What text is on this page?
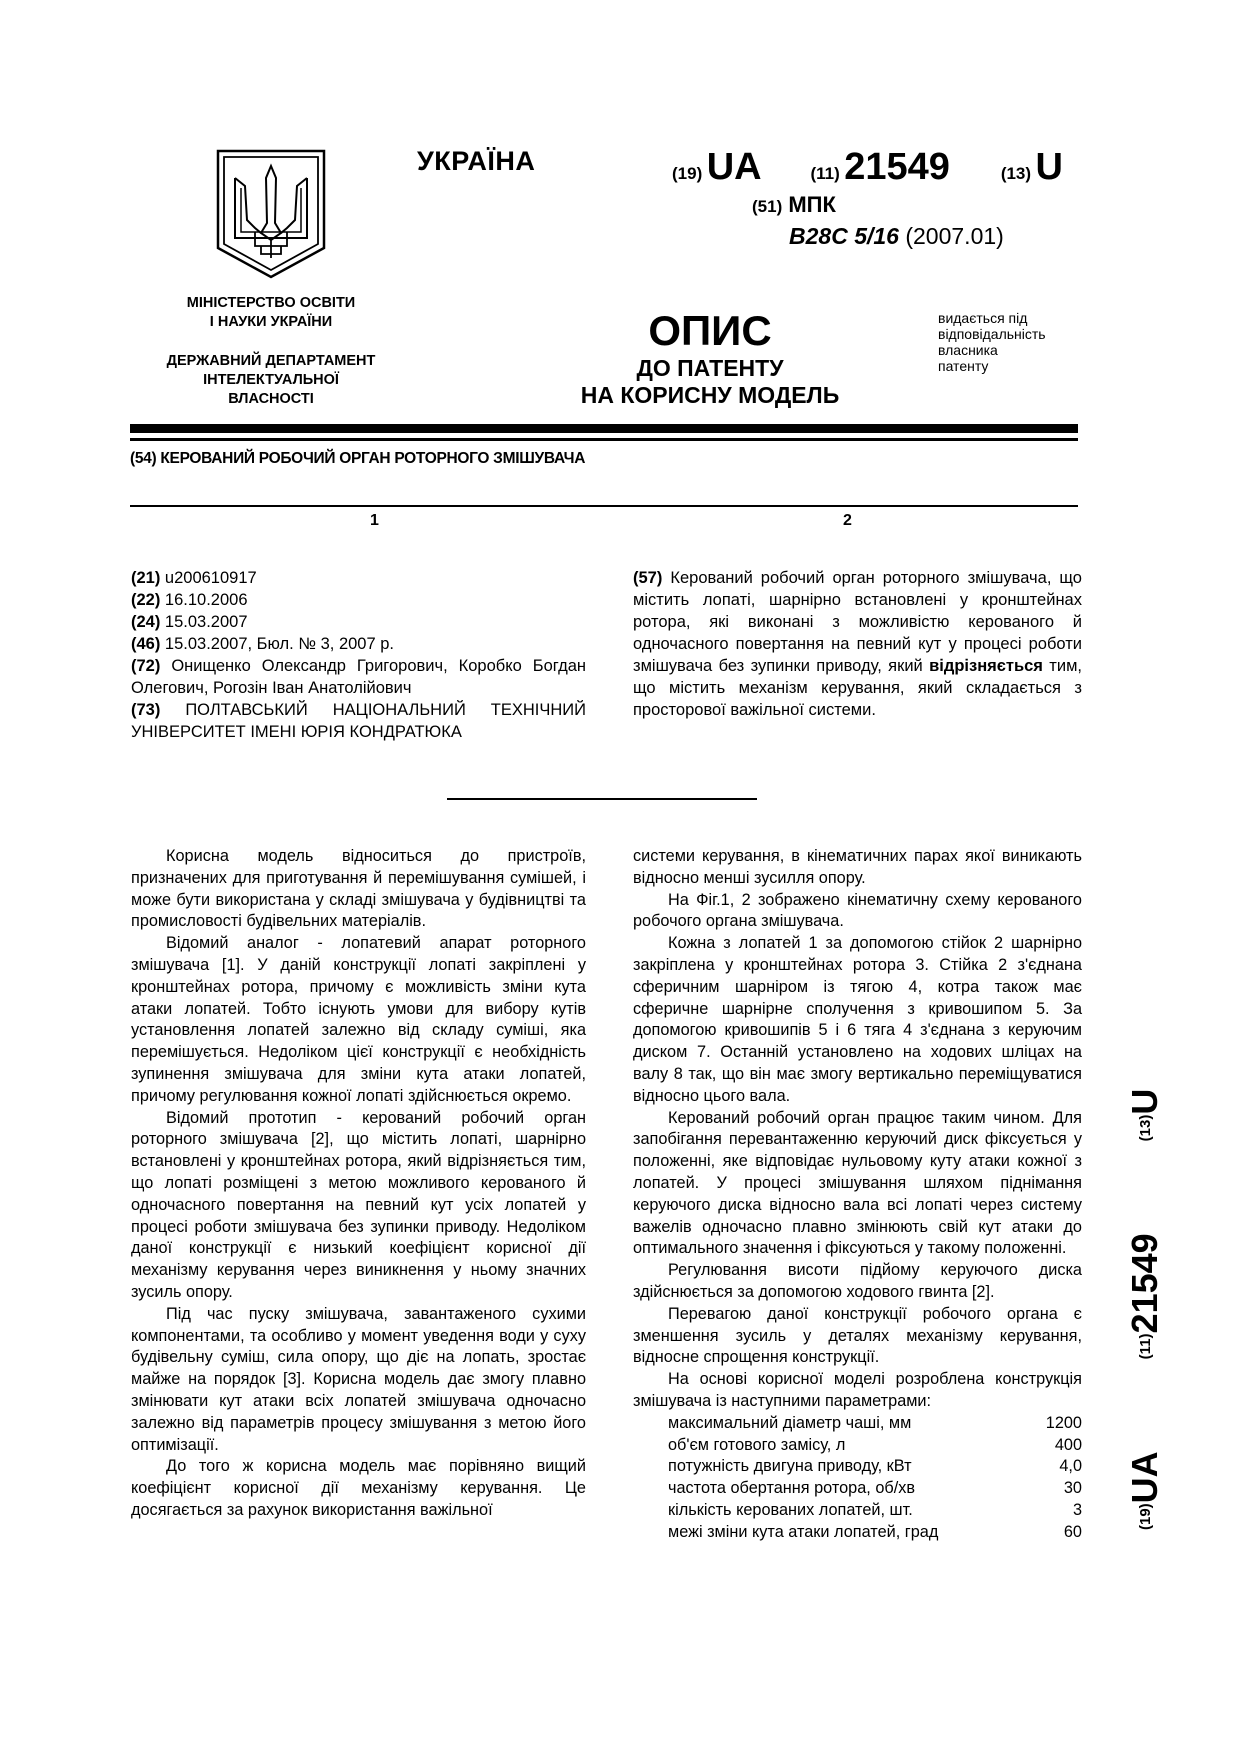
УКРАЇНА	(19) UA	(11) 21549	(13) U
(51) МПК
B28C 5/16 (2007.01)
МІНІСТЕРСТВО ОСВІТИ
І НАУКИ УКРАЇНИ
ДЕРЖАВНИЙ ДЕПАРТАМЕНТ
ІНТЕЛЕКТУАЛЬНОЇ
ВЛАСНОСТІ
ОПИС
ДО ПАТЕНТУ
НА КОРИСНУ МОДЕЛЬ
видається під
відповідальність
власника
патенту
(54) КЕРОВАНИЙ РОБОЧИЙ ОРГАН РОТОРНОГО ЗМІШУВАЧА
1	2
(21) u200610917
(22) 16.10.2006
(24) 15.03.2007
(46) 15.03.2007, Бюл. № 3, 2007 р.
(72) Онищенко Олександр Григорович, Коробко Богдан Олегович, Рогозін Іван Анатолійович
(73) ПОЛТАВСЬКИЙ НАЦІОНАЛЬНИЙ ТЕХНІЧНИЙ УНІВЕРСИТЕТ ІМЕНІ ЮРІЯ КОНДРАТЮКА
(57) Керований робочий орган роторного змішувача, що містить лопаті, шарнірно встановлені у кронштейнах ротора, які виконані з можливістю керованого й одночасного повертання на певний кут у процесі роботи змішувача без зупинки приводу, який відрізняється тим, що містить механізм керування, який складається з просторової важільної системи.

Корисна модель відноситься до пристроїв, призначених для приготування й перемішування сумішей, і може бути використана у складі змішувача у будівництві та промисловості будівельних матеріалів.

Відомий аналог - лопатевий апарат роторного змішувача [1]. У даній конструкції лопаті закріплені у кронштейнах ротора, причому є можливість зміни кута атаки лопатей. Тобто існують умови для вибору кутів установлення лопатей залежно від складу суміші, яка перемішується. Недоліком цієї конструкції є необхідність зупинення змішувача для зміни кута атаки лопатей, причому регулювання кожної лопаті здійснюється окремо.

Відомий прототип - керований робочий орган роторного змішувача [2], що містить лопаті, шарнірно встановлені у кронштейнах ротора, який відрізняється тим, що лопаті розміщені з метою можливого керованого й одночасного повертання на певний кут усіх лопатей у процесі роботи змішувача без зупинки приводу. Недоліком даної конструкції є низький коефіцієнт корисної дії механізму керування через виникнення у ньому значних зусиль опору.

Під час пуску змішувача, завантаженого сухими компонентами, та особливо у момент уведення води у суху будівельну суміш, сила опору, що діє на лопать, зростає майже на порядок [3]. Корисна модель дає змогу плавно змінювати кут атаки всіх лопатей змішувача одночасно залежно від параметрів процесу змішування з метою його оптимізації.

До того ж корисна модель має порівняно вищий коефіцієнт корисної дії механізму керування. Це досягається за рахунок використання важільної

системи керування, в кінематичних парах якої виникають відносно менші зусилля опору.

На Фіг.1, 2 зображено кінематичну схему керованого робочого органа змішувача.

Кожна з лопатей 1 за допомогою стійок 2 шарнірно закріплена у кронштейнах ротора 3. Стійка 2 з'єднана сферичним шарніром із тягою 4, котра також має сферичне шарнірне сполучення з кривошипом 5. За допомогою кривошипів 5 і 6 тяга 4 з'єднана з керуючим диском 7. Останній установлено на ходових шліцах на валу 8 так, що він має змогу вертикально переміщуватися відносно цього вала.

Керований робочий орган працює таким чином. Для запобігання перевантаженню керуючий диск фіксується у положенні, яке відповідає нульовому куту атаки кожної з лопатей. У процесі змішування шляхом піднімання керуючого диска відносно вала всі лопаті через систему важелів одночасно плавно змінюють свій кут атаки до оптимального значення і фіксуються у такому положенні.

Регулювання висоти підйому керуючого диска здійснюється за допомогою ходового гвинта [2].

Перевагою даної конструкції робочого органа є зменшення зусиль у деталях механізму керування, відносне спрощення конструкції.

На основі корисної моделі розроблена конструкція змішувача із наступними параметрами:

максимальний діаметр чаші, мм	1200
об'єм готового замісу, л	400
потужність двигуна приводу, кВт	4,0
частота обертання ротора, об/хв	30
кількість керованих лопатей, шт.	3
межі зміни кута атаки лопатей, град	60
(19)
UA
(11)
21549
(13)
U
